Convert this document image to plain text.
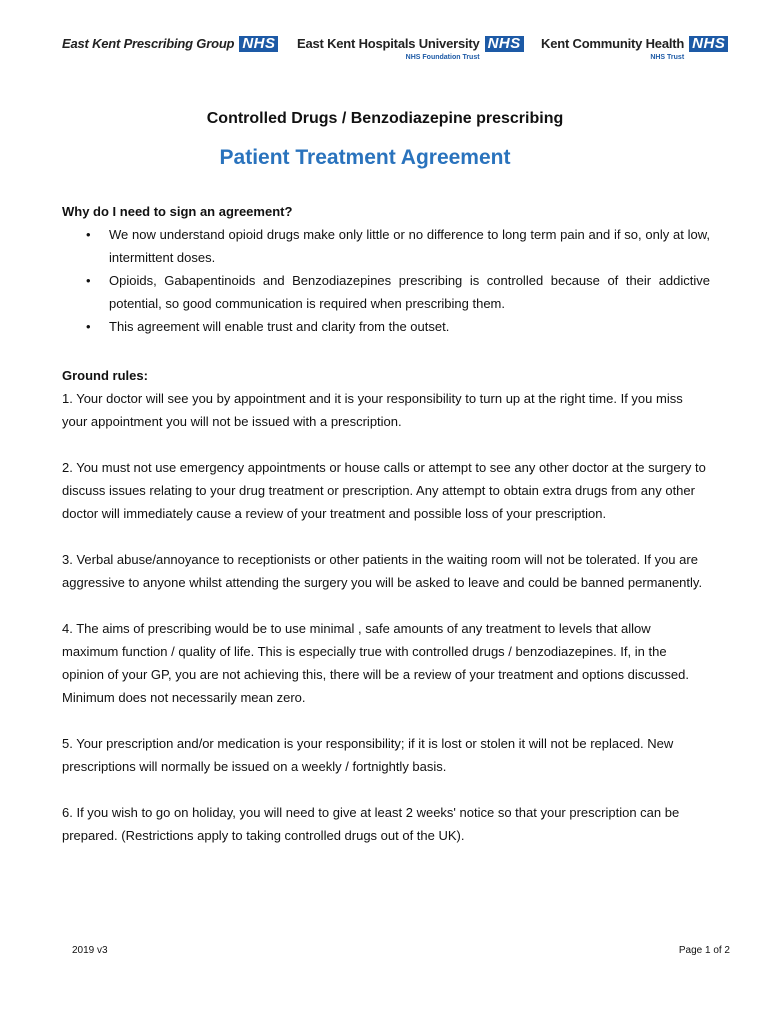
East Kent Prescribing Group NHS East Kent Hospitals University
NHS Foundation Trust
NHS Kent Community Health
NHS Trust
NHS
Controlled Drugs / Benzodiazepine prescribing
Patient Treatment Agreement
Why do I need to sign an agreement?
• We now understand opioid drugs make only little or no difference to long term pain and if so, only at low, intermittent doses.
• Opioids, Gabapentinoids and Benzodiazepines prescribing is controlled because of their addictive potential, so good communication is required when prescribing them.
• This agreement will enable trust and clarity from the outset.
Ground rules:

1. Your doctor will see you by appointment and it is your responsibility to turn up at the right time. If you miss your appointment you will not be issued with a prescription.

2. You must not use emergency appointments or house calls or attempt to see any other doctor at the surgery to discuss issues relating to your drug treatment or prescription. Any attempt to obtain extra drugs from any other doctor will immediately cause a review of your treatment and possible loss of your prescription.

3. Verbal abuse/annoyance to receptionists or other patients in the waiting room will not be tolerated. If you are aggressive to anyone whilst attending the surgery you will be asked to leave and could be banned permanently.

4. The aims of prescribing would be to use minimal , safe amounts of any treatment to levels that allow maximum function / quality of life. This is especially true with controlled drugs / benzodiazepines. If, in the opinion of your GP, you are not achieving this, there will be a review of your treatment and options discussed. Minimum does not necessarily mean zero.

5. Your prescription and/or medication is your responsibility; if it is lost or stolen it will not be replaced. New prescriptions will normally be issued on a weekly / fortnightly basis.

6. If you wish to go on holiday, you will need to give at least 2 weeks' notice so that your prescription can be prepared. (Restrictions apply to taking controlled drugs out of the UK).

2019 v3	Page 1 of 2
